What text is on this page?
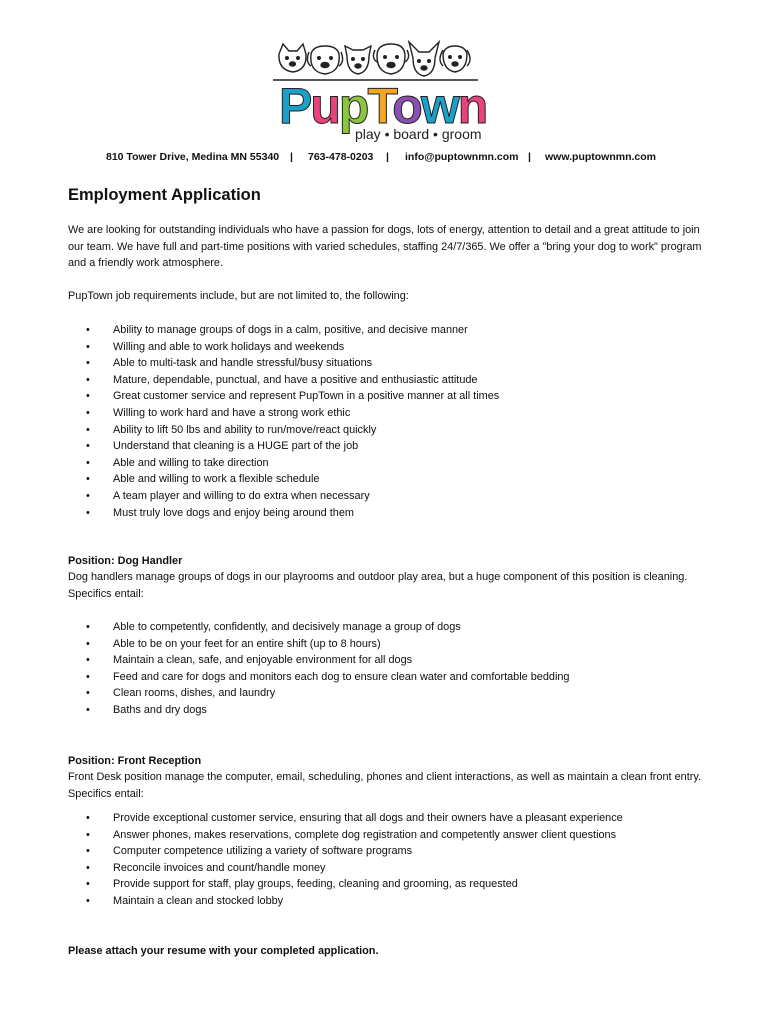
PupTown
play • board • groom
810 Tower Drive, Medina MN 55340 | 763-478-0203 | info@puptownmn.com | www.puptownmn.com
Employment Application

We are looking for outstanding individuals who have a passion for dogs, lots of energy, attention to detail and a great attitude to join our team. We have full and part-time positions with varied schedules, staffing 24/7/365. We offer a "bring your dog to work" program and a friendly work atmosphere.

PupTown job requirements include, but are not limited to, the following:

• Ability to manage groups of dogs in a calm, positive, and decisive manner
• Willing and able to work holidays and weekends
• Able to multi-task and handle stressful/busy situations
• Mature, dependable, punctual, and have a positive and enthusiastic attitude
• Great customer service and represent PupTown in a positive manner at all times
• Willing to work hard and have a strong work ethic
• Ability to lift 50 lbs and ability to run/move/react quickly
• Understand that cleaning is a HUGE part of the job
• Able and willing to take direction
• Able and willing to work a flexible schedule
• A team player and willing to do extra when necessary
• Must truly love dogs and enjoy being around them

Position: Dog Handler

Dog handlers manage groups of dogs in our playrooms and outdoor play area, but a huge component of this position is cleaning. Specifics entail:

• Able to competently, confidently, and decisively manage a group of dogs
• Able to be on your feet for an entire shift (up to 8 hours)
• Maintain a clean, safe, and enjoyable environment for all dogs
• Feed and care for dogs and monitors each dog to ensure clean water and comfortable bedding
• Clean rooms, dishes, and laundry
• Baths and dry dogs

Position: Front Reception

Front Desk position manage the computer, email, scheduling, phones and client interactions, as well as maintain a clean front entry. Specifics entail:

• Provide exceptional customer service, ensuring that all dogs and their owners have a pleasant experience
• Answer phones, makes reservations, complete dog registration and competently answer client questions
• Computer competence utilizing a variety of software programs
• Reconcile invoices and count/handle money
• Provide support for staff, play groups, feeding, cleaning and grooming, as requested
• Maintain a clean and stocked lobby

Please attach your resume with your completed application.
